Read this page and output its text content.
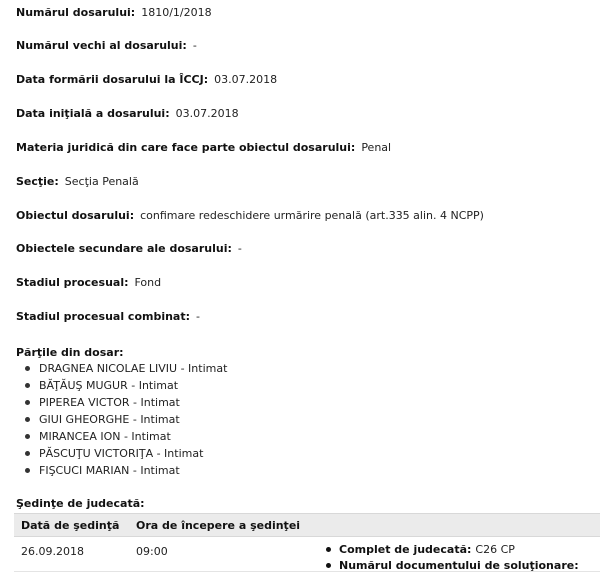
Numărul dosarului: 1810/1/2018
Numărul vechi al dosarului: -
Data formării dosarului la ÎCCJ: 03.07.2018
Data iniţială a dosarului: 03.07.2018
Materia juridică din care face parte obiectul dosarului: Penal
Secţie: Secţia Penală
Obiectul dosarului: confimare redeschidere urmărire penală (art.335 alin. 4 NCPP)
Obiectele secundare ale dosarului: -
Stadiul procesual: Fond
Stadiul procesual combinat: -
Părţile din dosar:
DRAGNEA NICOLAE LIVIU - Intimat
BĂŢĂUŞ MUGUR - Intimat
PIPEREA VICTOR - Intimat
GIUI GHEORGHE - Intimat
MIRANCEA ION - Intimat
PĂSCUŢU VICTORIŢA - Intimat
FIŞCUCI MARIAN - Intimat
Şedinţe de judecată:
Dată de şedinţă	Ora de începere a şedinţei	
26.09.2018	09:00		Complet de judecată: C26 CP
Numărul documentului de soluţionare:
